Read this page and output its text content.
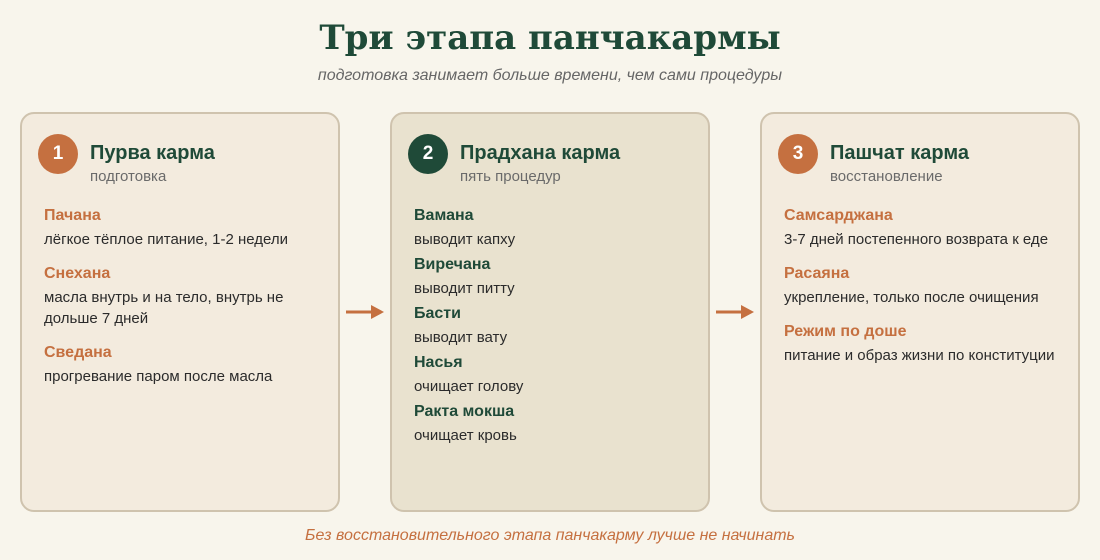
Три этапа панчакармы
подготовка занимает больше времени, чем сами процедуры
1	Пурва карма
подготовка
Пачана
лёгкое тёплое питание, 1-2 недели
Снехана
масла внутрь и на тело, внутрь не дольше 7 дней
Сведана
прогревание паром после масла
2	Прадхана карма
пять процедур
Вамана
выводит капху
Виречана
выводит питту
Басти
выводит вату
Насья
очищает голову
Ракта мокша
очищает кровь
3	Пашчат карма
восстановление
Самсарджана
3-7 дней постепенного возврата к еде
Расаяна
укрепление, только после очищения
Режим по доше
питание и образ жизни по конституции
Без восстановительного этапа панчакарму лучше не начинать
